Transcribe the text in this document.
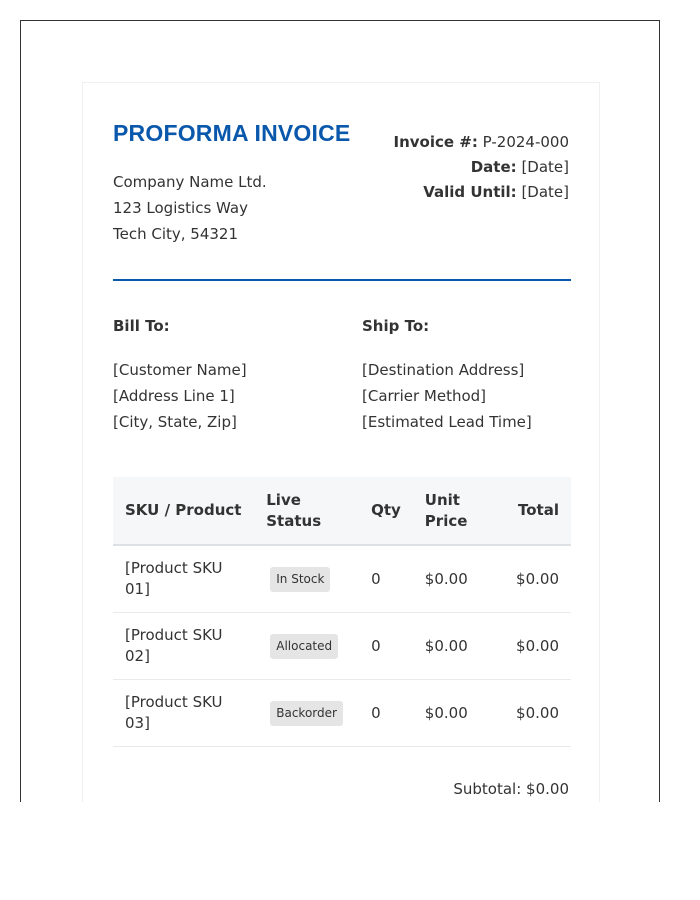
PROFORMA INVOICE
Company Name Ltd.
123 Logistics Way
Tech City, 54321
Invoice #: P-2024-000
Date: [Date]
Valid Until: [Date]
Bill To:
[Customer Name]
[Address Line 1]
[City, State, Zip]
Ship To:
[Destination Address]
[Carrier Method]
[Estimated Lead Time]
SKU / Product	Live Status	Qty	Unit Price	Total
[Product SKU 01]	In Stock	0	$0.00	$0.00
[Product SKU 02]	Allocated	0	$0.00	$0.00
[Product SKU 03]	Backorder	0	$0.00	$0.00
Subtotal: $0.00
